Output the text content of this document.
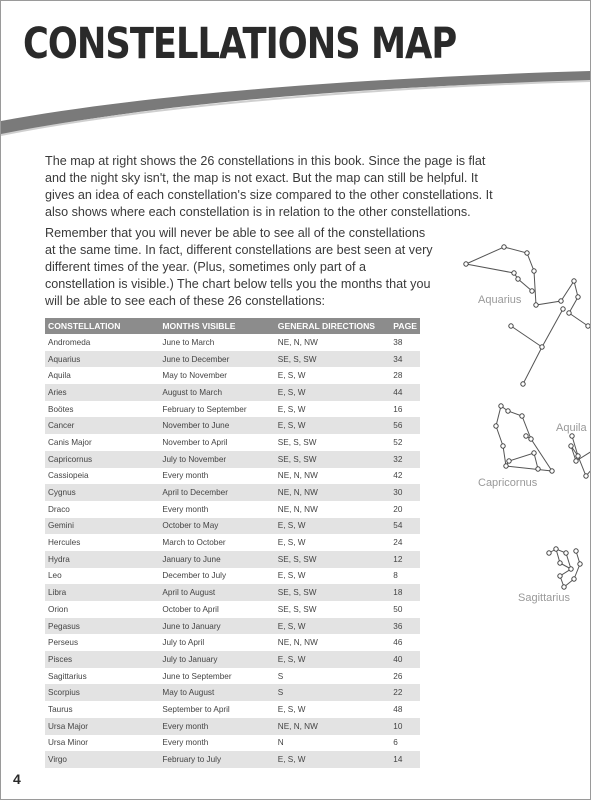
CONSTELLATIONS MAP

The map at right shows the 26 constellations in this book. Since the page is flat and the night sky isn't, the map is not exact. But the map can still be helpful. It gives an idea of each constellation's size compared to the other constellations. It also shows where each constellation is in relation to the other constellations.

Remember that you will never be able to see all of the constellations at the same time. In fact, different constellations are best seen at very different times of the year. (Plus, sometimes only part of a constellation is visible.) The chart below tells you the months that you will be able to see each of these 26 constellations:

CONSTELLATION	MONTHS VISIBLE	GENERAL DIRECTIONS	PAGE
Andromeda	June to March	NE, N, NW	38
Aquarius	June to December	SE, S, SW	34
Aquila	May to November	E, S, W	28
Aries	August to March	E, S, W	44
Boötes	February to September	E, S, W	16
Cancer	November to June	E, S, W	56
Canis Major	November to April	SE, S, SW	52
Capricornus	July to November	SE, S, SW	32
Cassiopeia	Every month	NE, N, NW	42
Cygnus	April to December	NE, N, NW	30
Draco	Every month	NE, N, NW	20
Gemini	October to May	E, S, W	54
Hercules	March to October	E, S, W	24
Hydra	January to June	SE, S, SW	12
Leo	December to July	E, S, W	8
Libra	April to August	SE, S, SW	18
Orion	October to April	SE, S, SW	50
Pegasus	June to January	E, S, W	36
Perseus	July to April	NE, N, NW	46
Pisces	July to January	E, S, W	40
Sagittarius	June to September	S	26
Scorpius	May to August	S	22
Taurus	September to April	E, S, W	48
Ursa Major	Every month	NE, N, NW	10
Ursa Minor	Every month	N	6
Virgo	February to July	E, S, W	14
Aquarius
Capricornus
Aquila
Sagittarius
4
